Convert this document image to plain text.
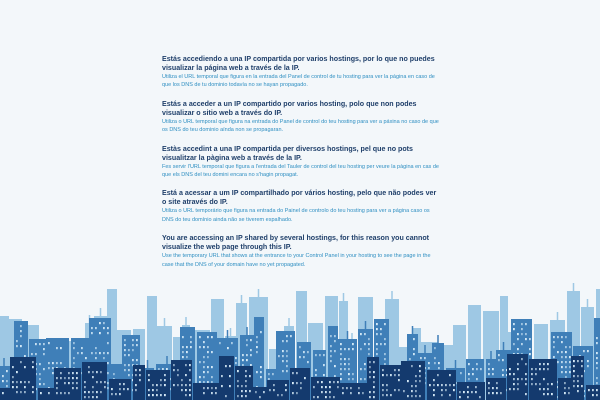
Estás accediendo a una IP compartida por varios hostings, por lo que no puedes visualizar la página web a través de la IP.
Utiliza el URL temporal que figura en la entrada del Panel de control de tu hosting para ver la página en caso de que los DNS de tu dominio todavía no se hayan propagado.
Estás a acceder a un IP compartido por varios hosting, polo que non podes visualizar o sitio web a través do IP.
Utiliza o URL temporal que figura na entrada do Panel de control do teu hosting para ver a páxina no caso de que os DNS do teu dominio aínda non se propagaran.
Estàs accedint a una IP compartida per diversos hostings, pel que no pots visualitzar la pàgina web a través de la IP.
Fes servir l'URL temporal que figura a l'entrada del Tauler de control del teu hosting per veure la pàgina en cas de que els DNS del teu domini encara no s'hagin propagat.
Está a acessar a um IP compartilhado por vários hosting, pelo que não podes ver o site através do IP.
Utiliza o URL temporário que figura na entrada do Painel de controlo do teu hosting para ver a página caso os DNS do teu domínio ainda não se tiverem espalhado.
You are accessing an IP shared by several hostings, for this reason you cannot visualize the web page through this IP.
Use the temporary URL that shows at the entrance to your Control Panel in your hosting to see the page in the case that the DNS of your domain have no yet propagated.
